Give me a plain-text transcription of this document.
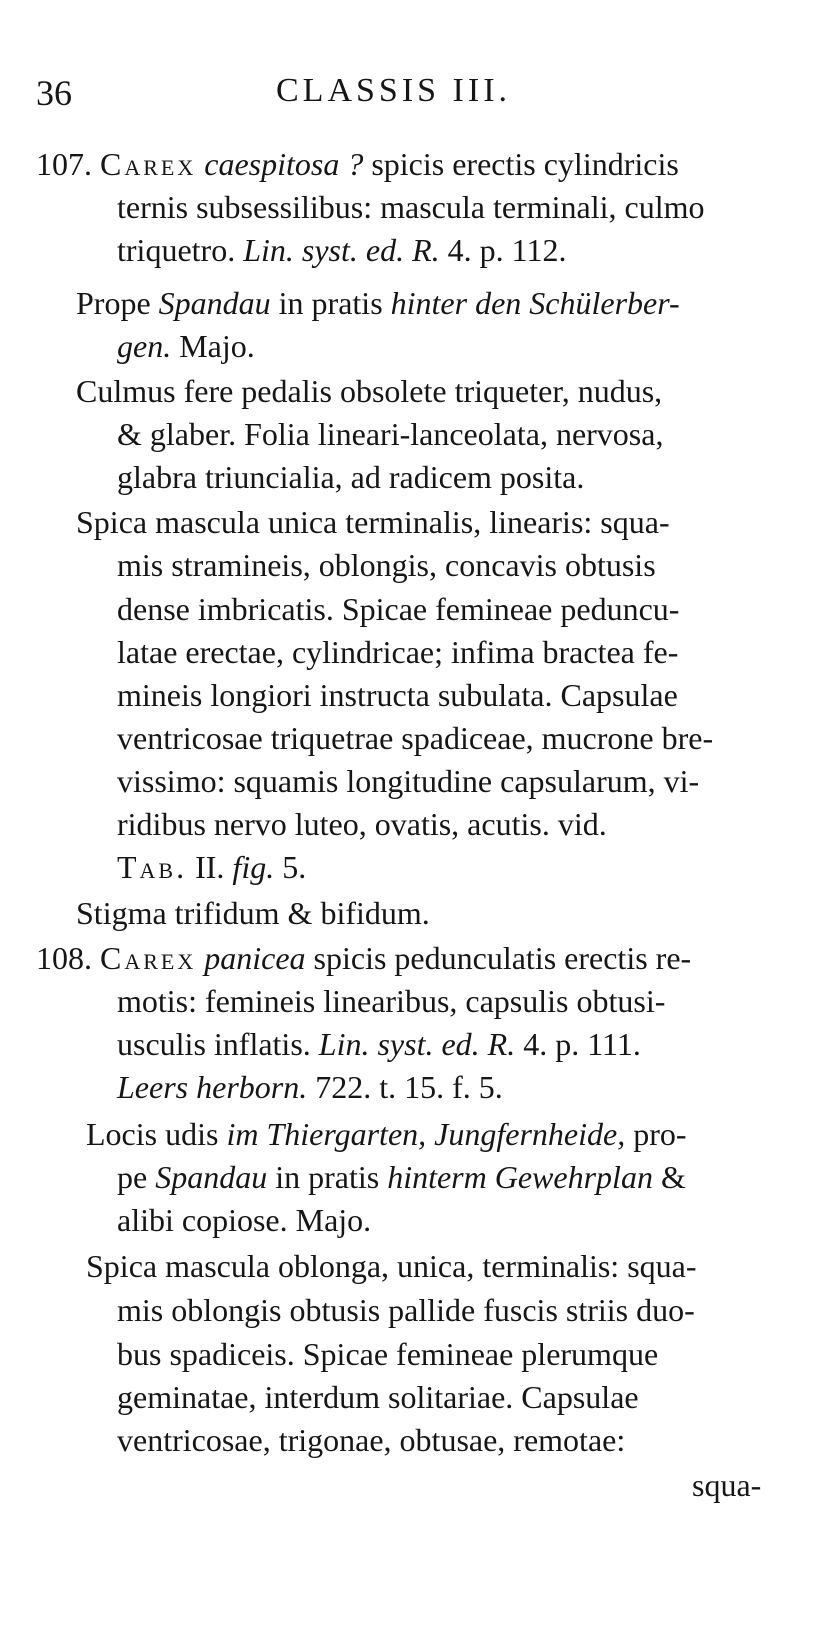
36	CLASSIS III.
107. Carex caespitosa ? spicis erectis cylindricis
ternis subsessilibus: mascula terminali, culmo
triquetro. Lin. syst. ed. R. 4. p. 112.
Prope Spandau in pratis hinter den Schülerber-
gen. Majo.
Culmus fere pedalis obsolete triqueter, nudus,
& glaber. Folia lineari-lanceolata, nervosa,
glabra triuncialia, ad radicem posita.
Spica mascula unica terminalis, linearis: squa-
mis stramineis, oblongis, concavis obtusis
dense imbricatis. Spicae femineae peduncu-
latae erectae, cylindricae; infima bractea fe-
mineis longiori instructa subulata. Capsulae
ventricosae triquetrae spadiceae, mucrone bre-
vissimo: squamis longitudine capsularum, vi-
ridibus nervo luteo, ovatis, acutis. vid.
Tab. II. fig. 5.
Stigma trifidum & bifidum.
108. Carex panicea spicis pedunculatis erectis re-
motis: femineis linearibus, capsulis obtusi-
usculis inflatis. Lin. syst. ed. R. 4. p. 111.
Leers herborn. 722. t. 15. f. 5.
Locis udis im Thiergarten, Jungfernheide, pro-
pe Spandau in pratis hinterm Gewehrplan &
alibi copiose. Majo.
Spica mascula oblonga, unica, terminalis: squa-
mis oblongis obtusis pallide fuscis striis duo-
bus spadiceis. Spicae femineae plerumque
geminatae, interdum solitariae. Capsulae
ventricosae, trigonae, obtusae, remotae:
squa-
